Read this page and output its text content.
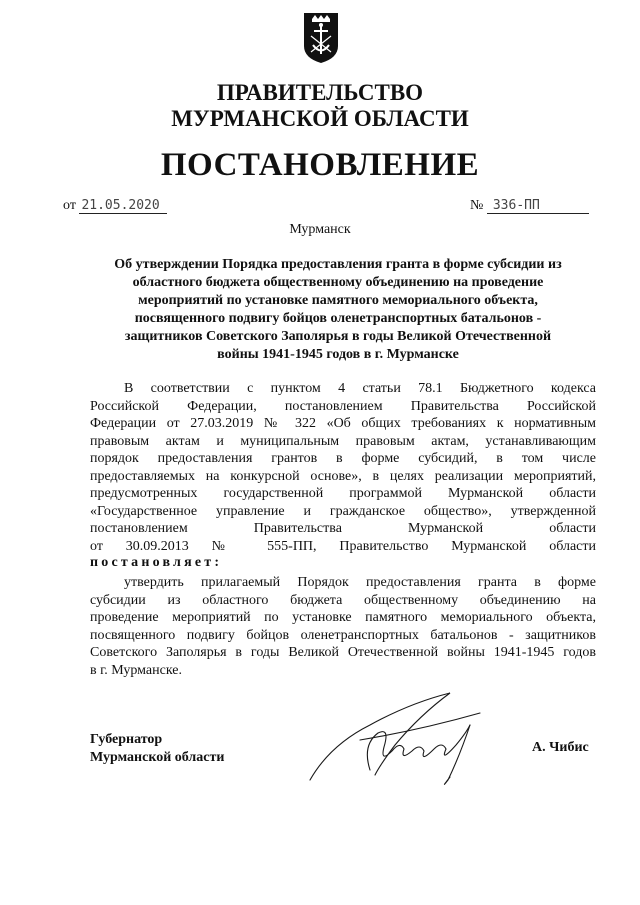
ПРАВИТЕЛЬСТВО
МУРМАНСКОЙ ОБЛАСТИ
ПОСТАНОВЛЕНИЕ
от 21.05.2020	№ 336-ПП
Мурманск
Об утверждении Порядка предоставления гранта в форме субсидии из
областного бюджета общественному объединению на проведение
мероприятий по установке памятного мемориального объекта,
посвященного подвигу бойцов оленетранспортных батальонов -
защитников Советского Заполярья в годы Великой Отечественной
войны 1941-1945 годов в г. Мурманске
В соответствии с пунктом 4 статьи 78.1 Бюджетного кодекса
Российской Федерации, постановлением Правительства Российской
Федерации от 27.03.2019 № 322 «Об общих требованиях к нормативным
правовым актам и муниципальным правовым актам, устанавливающим
порядок предоставления грантов в форме субсидий, в том числе
предоставляемых на конкурсной основе», в целях реализации мероприятий,
предусмотренных государственной программой Мурманской области
«Государственное управление и гражданское общество», утвержденной
постановлением Правительства Мурманской области
от 30.09.2013 № 555-ПП, Правительство Мурманской области
постановляет:
утвердить прилагаемый Порядок предоставления гранта в форме
субсидии из областного бюджета общественному объединению на
проведение мероприятий по установке памятного мемориального объекта,
посвященного подвигу бойцов оленетранспортных батальонов - защитников
Советского Заполярья в годы Великой Отечественной войны 1941-1945 годов
в г. Мурманске.
Губернатор
Мурманской области
А. Чибис
